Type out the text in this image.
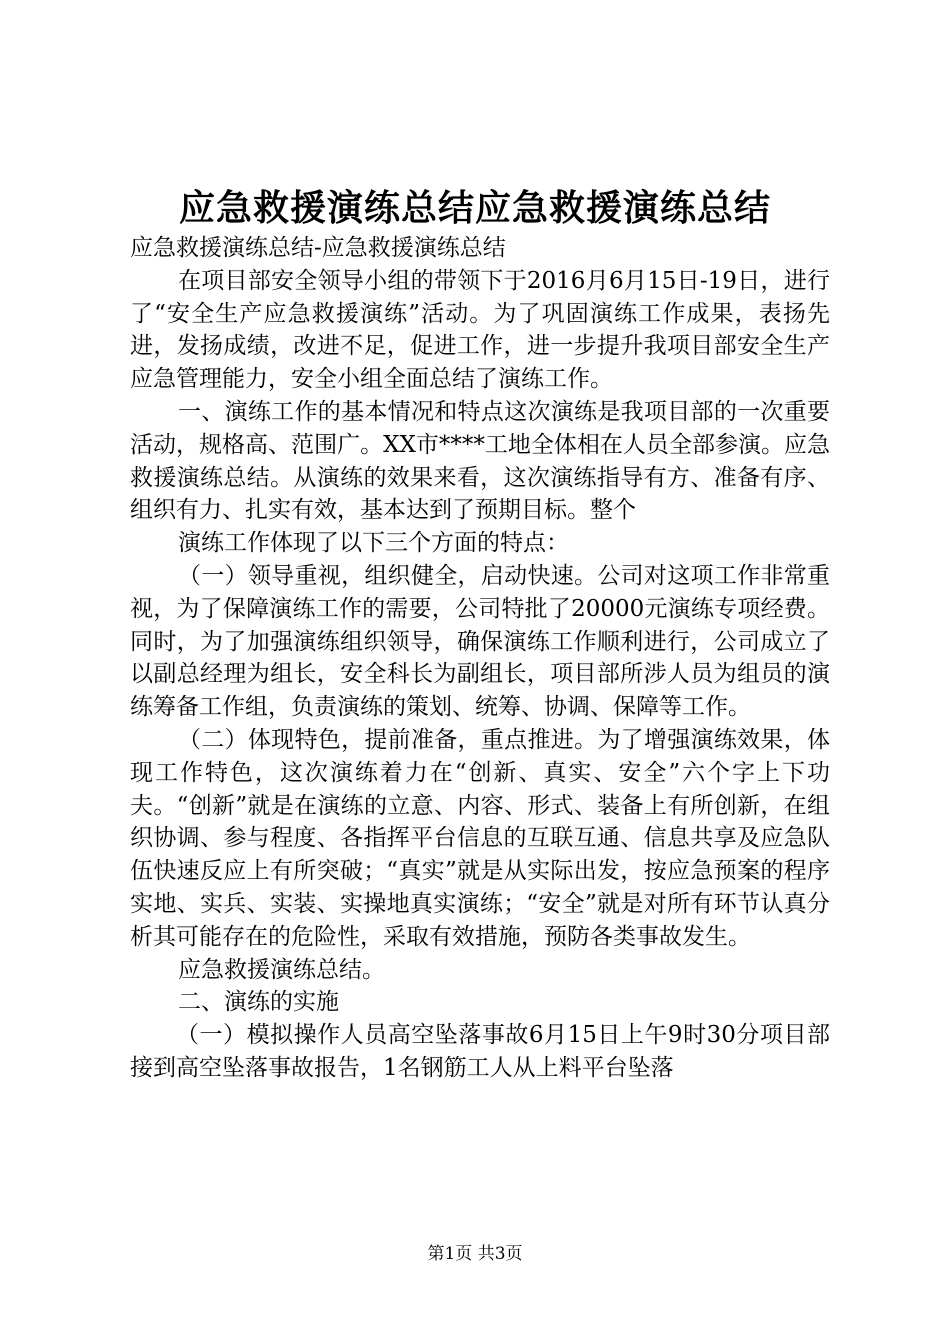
应急救援演练总结应急救援演练总结

应急救援演练总结-应急救援演练总结

在项目部安全领导小组的带领下于2016月6月15日-19日，进行了“安全生产应急救援演练”活动。为了巩固演练工作成果，表扬先进，发扬成绩，改进不足，促进工作，进一步提升我项目部安全生产应急管理能力，安全小组全面总结了演练工作。

一、演练工作的基本情况和特点这次演练是我项目部的一次重要活动，规格高、范围广。XX市****工地全体相在人员全部参演。应急救援演练总结。从演练的效果来看，这次演练指导有方、准备有序、组织有力、扎实有效，基本达到了预期目标。整个

演练工作体现了以下三个方面的特点：

（一）领导重视，组织健全，启动快速。公司对这项工作非常重视，为了保障演练工作的需要，公司特批了20000元演练专项经费。同时，为了加强演练组织领导，确保演练工作顺利进行，公司成立了以副总经理为组长，安全科长为副组长，项目部所涉人员为组员的演练筹备工作组，负责演练的策划、统筹、协调、保障等工作。

（二）体现特色，提前准备，重点推进。为了增强演练效果，体现工作特色，这次演练着力在“创新、真实、安全”六个字上下功夫。“创新”就是在演练的立意、内容、形式、装备上有所创新，在组织协调、参与程度、各指挥平台信息的互联互通、信息共享及应急队伍快速反应上有所突破；“真实”就是从实际出发，按应急预案的程序实地、实兵、实装、实操地真实演练；“安全”就是对所有环节认真分析其可能存在的危险性，采取有效措施，预防各类事故发生。

应急救援演练总结。

二、演练的实施

（一）模拟操作人员高空坠落事故6月15日上午9时30分项目部接到高空坠落事故报告，1名钢筋工人从上料平台坠落

第1页 共3页
